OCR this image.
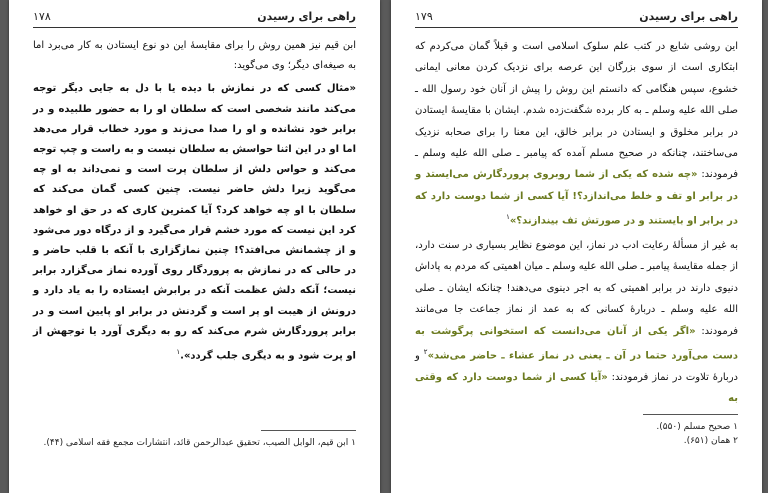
راهی برای رسیدن
۱۷۸

ابن قیم نیز همین روش را برای مقایسهٔ این دو نوع ایستادن به کار می‌برد اما به صیغه‌ای دیگر؛ وی می‌گوید:

«مثال کسی که در نمازش با دیده یا با دل به جایی دیگر توجه می‌کند مانند شخصی است که سلطان او را به حضور طلبیده و در برابر خود نشانده و او را صدا می‌زند و مورد خطاب قرار می‌دهد اما او در این اثنا حواسش به سلطان نیست و به راست و چپ توجه می‌کند و حواس دلش از سلطان پرت است و نمی‌داند به او چه می‌گوید زیرا دلش حاضر نیست. چنین کسی گمان می‌کند که سلطان با او چه خواهد کرد؟ آیا کمترین کاری که در حق او خواهد کرد این نیست که مورد خشم قرار می‌گیرد و از درگاه دور می‌شود و از چشمانش می‌افتد؟! چنین نمازگزاری با آنکه با قلب حاضر و در حالی که در نمازش به پروردگار روی آورده نماز می‌گزارد برابر نیست؛ آنکه دلش عظمت آنکه در برابرش ایستاده را به یاد دارد و درونش از هیبت او پر است و گردنش در برابر او پایین است و در برابر پروردگارش شرم می‌کند که رو به دیگری آورد یا توجهش از او پرت شود و به دیگری جلب گردد».$^۱$

۱ ابن قیم، الوابل الصیب، تحقیق عبدالرحمن قائد، انتشارات مجمع فقه اسلامی (۴۴).
راهی برای رسیدن
۱۷۹

این روشی شایع در کتب علم سلوک اسلامی است و قبلاً گمان می‌کردم که ابتکاری است از سوی بزرگان این عرصه برای نزدیک کردن معانی ایمانی خشوع، سپس هنگامی که دانستم این روش را پیش از آنان خود رسول الله ـ صلی الله علیه وسلم ـ به کار برده شگفت‌زده شدم. ایشان با مقایسهٔ ایستادن در برابر مخلوق و ایستادن در برابر خالق، این معنا را برای صحابه نزدیک می‌ساختند، چنانکه در صحیح مسلم آمده که پیامبر ـ صلی الله علیه وسلم ـ فرمودند: «چه شده که یکی از شما روبروی پروردگارش می‌ایستد و در برابر او تف و خلط می‌اندازد؟! آیا کسی از شما دوست دارد که در برابر او بایستند و در صورتش تف بیندازند؟»$^۱$

به غیر از مسألهٔ رعایت ادب در نماز، این موضوع نظایر بسیاری در سنت دارد، از جمله مقایسهٔ پیامبر ـ صلی الله علیه وسلم ـ میان اهمیتی که مردم به پاداش دنیوی دارند در برابر اهمیتی که به اجر دینوی می‌دهند! چنانکه ایشان ـ صلی الله علیه وسلم ـ دربارهٔ کسانی که به عمد از نماز جماعت جا می‌مانند فرمودند: «اگر یکی از آنان می‌دانست که استخوانی پرگوشت به دست می‌آورد حتما در آن ـ یعنی در نماز عشاء ـ حاضر می‌شد»$^۲$ و دربارهٔ تلاوت در نماز فرمودند: «آیا کسی از شما دوست دارد که وقتی به

۱ صحیح مسلم (۵۵۰).
۲ همان (۶۵۱).
